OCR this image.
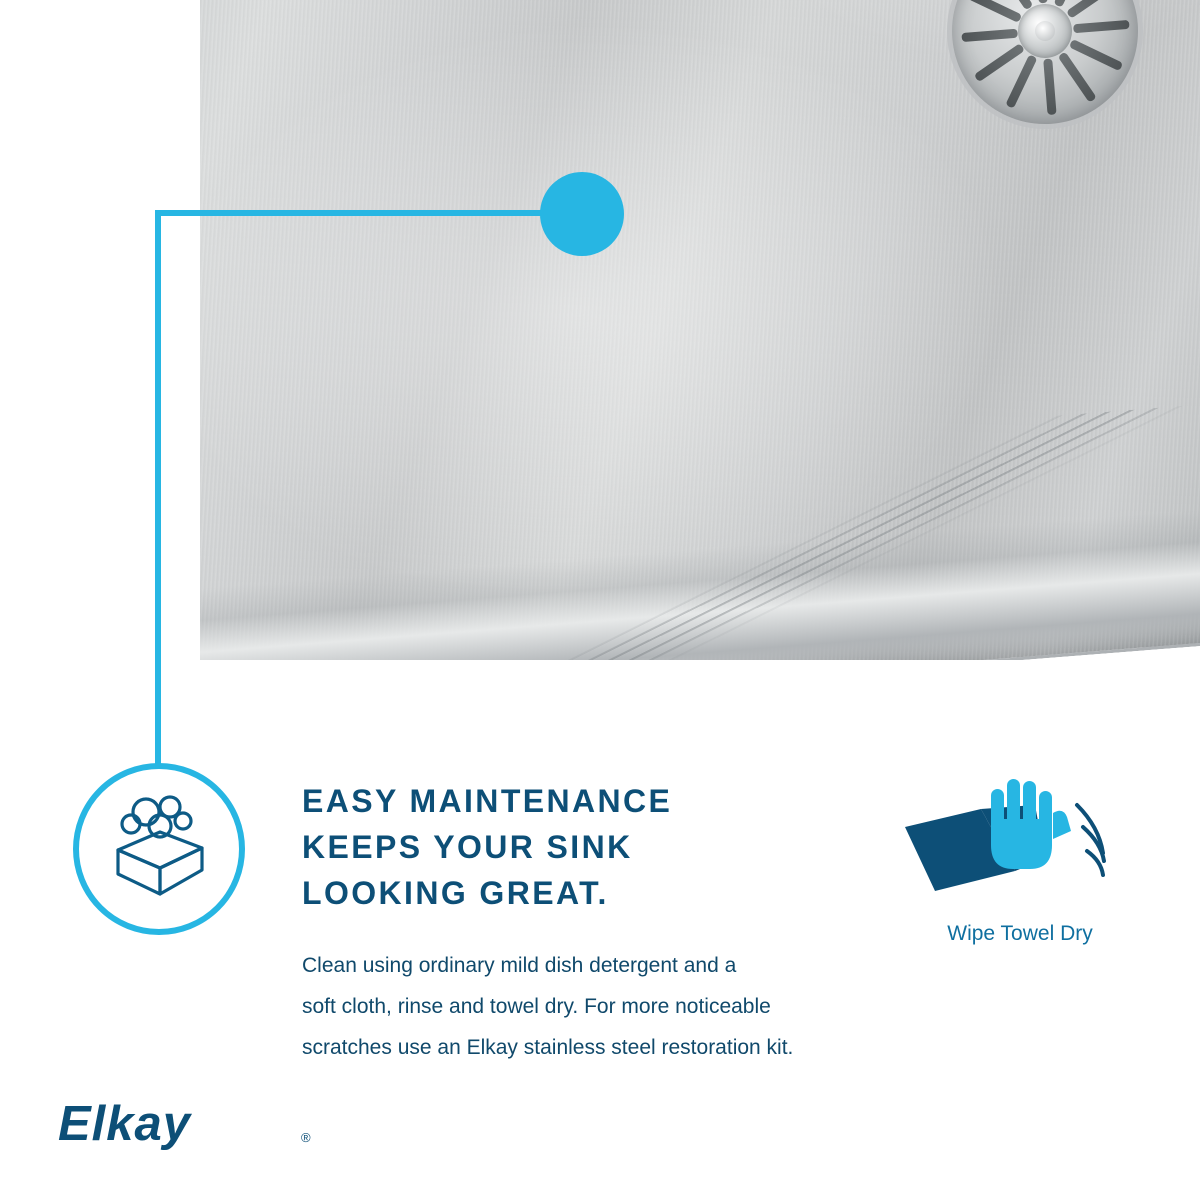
EASY MAINTENANCE
KEEPS YOUR SINK
LOOKING GREAT.

Clean using ordinary mild dish detergent and a

soft cloth, rinse and towel dry. For more noticeable

scratches use an Elkay stainless steel restoration kit.

Wipe Towel Dry
Elkay	®
